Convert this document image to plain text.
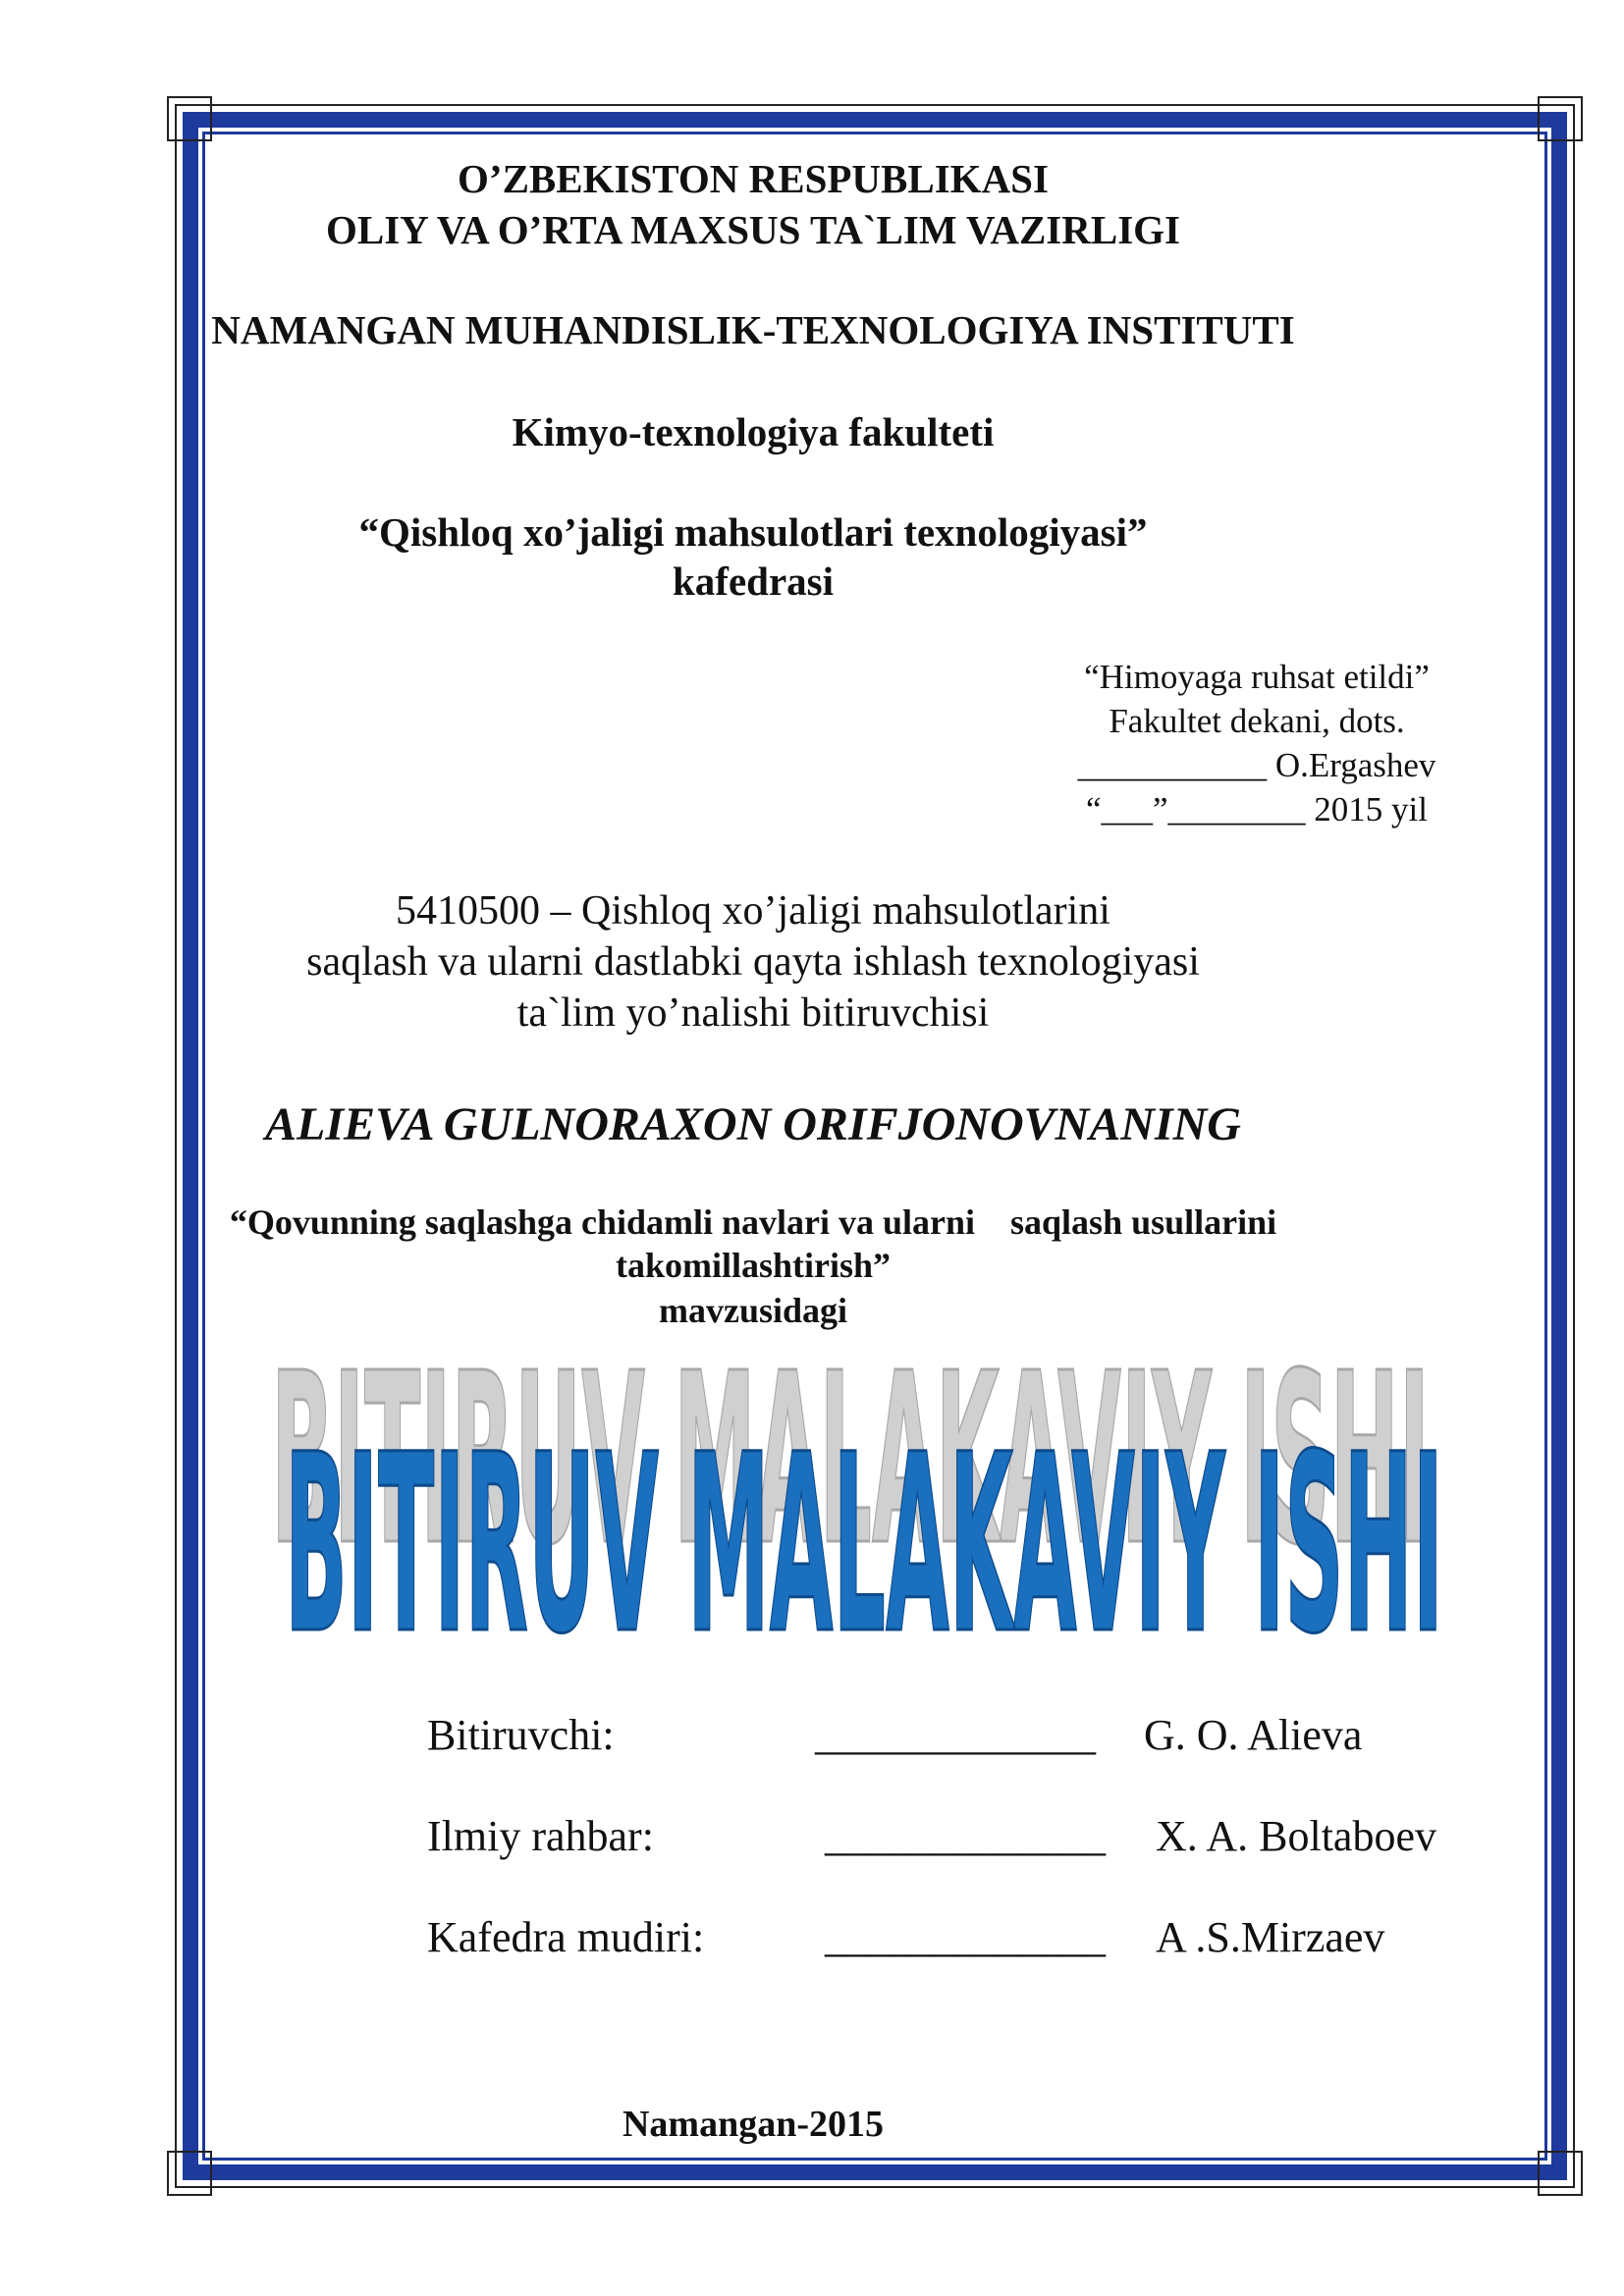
O’ZBEKISTON RESPUBLIKASI
OLIY VA O’RTA MAXSUS TA`LIM VAZIRLIGI
NAMANGAN MUHANDISLIK-TEXNOLOGIYA INSTITUTI
Kimyo-texnologiya fakulteti
“Qishloq xo’jaligi mahsulotlari texnologiyasi”
kafedrasi
“Himoyaga ruhsat etildi”
Fakultet dekani, dots.
___________ O.Ergashev
“___”________ 2015 yil
5410500 – Qishloq xo’jaligi mahsulotlarini
saqlash va ularni dastlabki qayta ishlash texnologiyasi
ta`lim yo’nalishi bitiruvchisi
ALIEVA GULNORAXON ORIFJONOVNANING
“Qovunning saqlashga chidamli navlari va ularni    saqlash usullarini
takomillashtirish”
mavzusidagi
BITIRUV MALAKAVIY ISHI
BITIRUV MALAKAVIY ISHI
Bitiruvchi:	_____________ G. O. Alieva
Ilmiy rahbar:	_____________ X. A. Boltaboev
Kafedra mudiri:	_____________ A .S.Mirzaev
Namangan-2015
